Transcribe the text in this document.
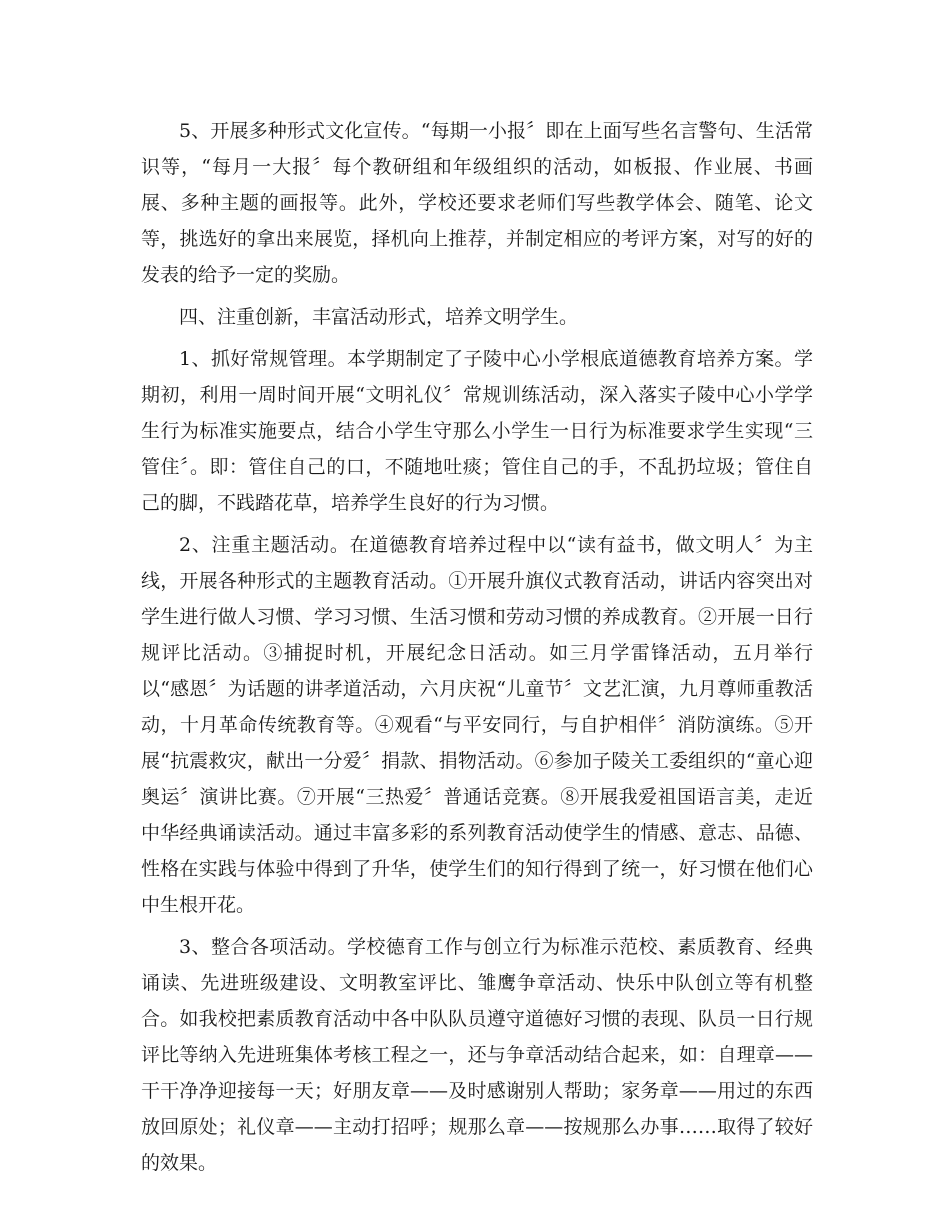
5、开展多种形式文化宣传。“每期一小报〞即在上面写些名言警句、生活常识等，“每月一大报〞每个教研组和年级组织的活动，如板报、作业展、书画展、多种主题的画报等。此外，学校还要求老师们写些教学体会、随笔、论文等，挑选好的拿出来展览，择机向上推荐，并制定相应的考评方案，对写的好的发表的给予一定的奖励。

四、注重创新，丰富活动形式，培养文明学生。

1、抓好常规管理。本学期制定了子陵中心小学根底道德教育培养方案。学期初，利用一周时间开展“文明礼仪〞常规训练活动，深入落实子陵中心小学学生行为标准实施要点，结合小学生守那么小学生一日行为标准要求学生实现“三管住〞。即：管住自己的口，不随地吐痰；管住自己的手，不乱扔垃圾；管住自己的脚，不践踏花草，培养学生良好的行为习惯。

2、注重主题活动。在道德教育培养过程中以“读有益书，做文明人〞为主线，开展各种形式的主题教育活动。①开展升旗仪式教育活动，讲话内容突出对学生进行做人习惯、学习习惯、生活习惯和劳动习惯的养成教育。②开展一日行规评比活动。③捕捉时机，开展纪念日活动。如三月学雷锋活动，五月举行以“感恩〞为话题的讲孝道活动，六月庆祝“儿童节〞文艺汇演，九月尊师重教活动，十月革命传统教育等。④观看“与平安同行，与自护相伴〞消防演练。⑤开展“抗震救灾，献出一分爱〞捐款、捐物活动。⑥参加子陵关工委组织的“童心迎奥运〞演讲比赛。⑦开展“三热爱〞普通话竞赛。⑧开展我爱祖国语言美，走近中华经典诵读活动。通过丰富多彩的系列教育活动使学生的情感、意志、品德、性格在实践与体验中得到了升华，使学生们的知行得到了统一，好习惯在他们心中生根开花。

3、整合各项活动。学校德育工作与创立行为标准示范校、素质教育、经典诵读、先进班级建设、文明教室评比、雏鹰争章活动、快乐中队创立等有机整合。如我校把素质教育活动中各中队队员遵守道德好习惯的表现、队员一日行规评比等纳入先进班集体考核工程之一，还与争章活动结合起来，如：自理章——干干净净迎接每一天；好朋友章——及时感谢别人帮助；家务章——用过的东西放回原处；礼仪章——主动打招呼；规那么章——按规那么办事……取得了较好的效果。
